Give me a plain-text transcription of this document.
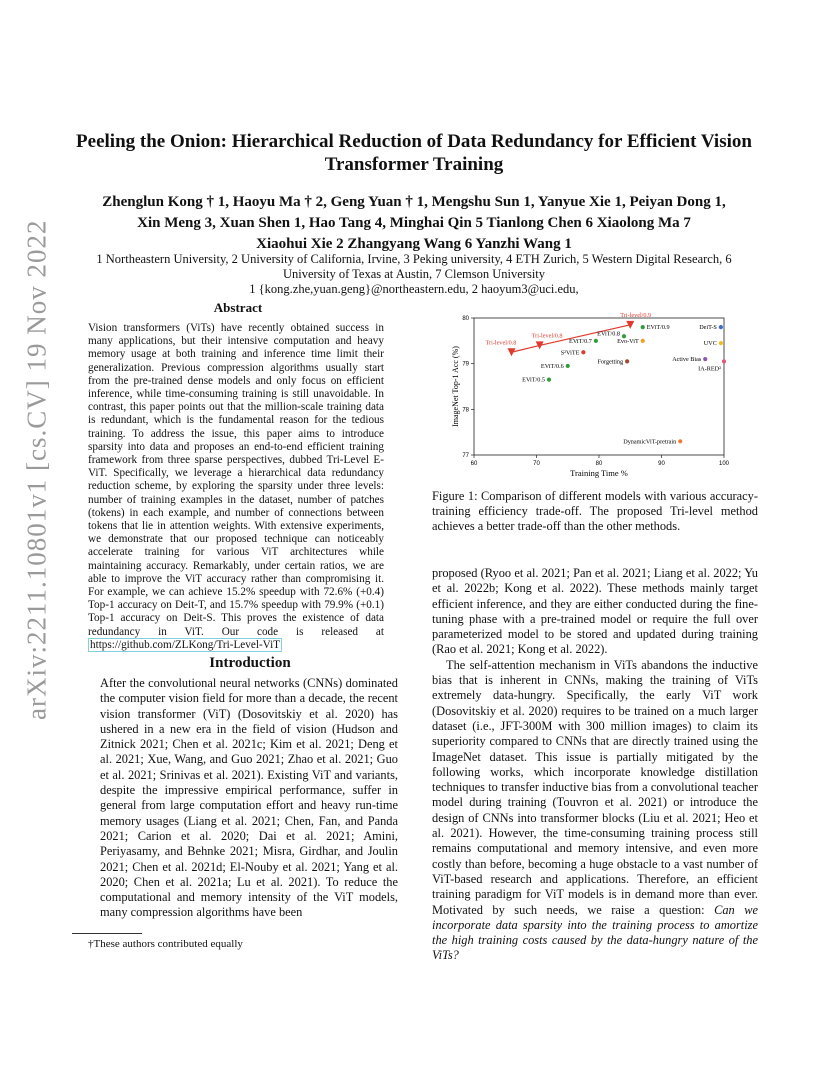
arXiv:2211.10801v1 [cs.CV] 19 Nov 2022
Peeling the Onion: Hierarchical Reduction of Data Redundancy for Efficient Vision Transformer Training
Zhenglun Kong † 1, Haoyu Ma † 2, Geng Yuan † 1, Mengshu Sun 1, Yanyue Xie 1, Peiyan Dong 1,
Xin Meng 3, Xuan Shen 1, Hao Tang 4, Minghai Qin 5 Tianlong Chen 6 Xiaolong Ma 7
Xiaohui Xie 2 Zhangyang Wang 6 Yanzhi Wang 1
1 Northeastern University, 2 University of California, Irvine, 3 Peking university, 4 ETH Zurich, 5 Western Digital Research, 6
University of Texas at Austin, 7 Clemson University
1 {kong.zhe,yuan.geng}@northeastern.edu, 2 haoyum3@uci.edu,
Abstract
Vision transformers (ViTs) have recently obtained success in many applications, but their intensive computation and heavy memory usage at both training and inference time limit their generalization. Previous compression algorithms usually start from the pre-trained dense models and only focus on efficient inference, while time-consuming training is still unavoidable. In contrast, this paper points out that the million-scale training data is redundant, which is the fundamental reason for the tedious training. To address the issue, this paper aims to introduce sparsity into data and proposes an end-to-end efficient training framework from three sparse perspectives, dubbed Tri-Level E-ViT. Specifically, we leverage a hierarchical data redundancy reduction scheme, by exploring the sparsity under three levels: number of training examples in the dataset, number of patches (tokens) in each example, and number of connections between tokens that lie in attention weights. With extensive experiments, we demonstrate that our proposed technique can noticeably accelerate training for various ViT architectures while maintaining accuracy. Remarkably, under certain ratios, we are able to improve the ViT accuracy rather than compromising it. For example, we can achieve 15.2% speedup with 72.6% (+0.4) Top-1 accuracy on Deit-T, and 15.7% speedup with 79.9% (+0.1) Top-1 accuracy on Deit-S. This proves the existence of data redundancy in ViT. Our code is released at https://github.com/ZLKong/Tri-Level-ViT
Introduction
After the convolutional neural networks (CNNs) dominated the computer vision field for more than a decade, the recent vision transformer (ViT) (Dosovitskiy et al. 2020) has ushered in a new era in the field of vision (Hudson and Zitnick 2021; Chen et al. 2021c; Kim et al. 2021; Deng et al. 2021; Xue, Wang, and Guo 2021; Zhao et al. 2021; Guo et al. 2021; Srinivas et al. 2021). Existing ViT and variants, despite the impressive empirical performance, suffer in general from large computation effort and heavy run-time memory usages (Liang et al. 2021; Chen, Fan, and Panda 2021; Carion et al. 2020; Dai et al. 2021; Amini, Periyasamy, and Behnke 2021; Misra, Girdhar, and Joulin 2021; Chen et al. 2021d; El-Nouby et al. 2021; Yang et al. 2020; Chen et al. 2021a; Lu et al. 2021). To reduce the computational and memory intensity of the ViT models, many compression algorithms have been
†These authors contributed equally
60	70	80	90	100
77
78
79
80
Training Time %
ImageNet Top-1 Acc (%)
Tri-level/0.8
Tri-level/0.8
Tri-level/0.9
EViT/0.9
EViT/0.8
EViT/0.7
EViT/0.6
EViT/0.5
DeiT-S
S²ViTE
Evo-ViT
Forgetting	Active Bias
UVC
IA-RED²
DynamicViT-pretrain
Figure 1: Comparison of different models with various accuracy-training efficiency trade-off. The proposed Tri-level method achieves a better trade-off than the other methods.

proposed (Ryoo et al. 2021; Pan et al. 2021; Liang et al. 2022; Yu et al. 2022b; Kong et al. 2022). These methods mainly target efficient inference, and they are either conducted during the fine-tuning phase with a pre-trained model or require the full over parameterized model to be stored and updated during training (Rao et al. 2021; Kong et al. 2022).

The self-attention mechanism in ViTs abandons the inductive bias that is inherent in CNNs, making the training of ViTs extremely data-hungry. Specifically, the early ViT work (Dosovitskiy et al. 2020) requires to be trained on a much larger dataset (i.e., JFT-300M with 300 million images) to claim its superiority compared to CNNs that are directly trained using the ImageNet dataset. This issue is partially mitigated by the following works, which incorporate knowledge distillation techniques to transfer inductive bias from a convolutional teacher model during training (Touvron et al. 2021) or introduce the design of CNNs into transformer blocks (Liu et al. 2021; Heo et al. 2021). However, the time-consuming training process still remains computational and memory intensive, and even more costly than before, becoming a huge obstacle to a vast number of ViT-based research and applications. Therefore, an efficient training paradigm for ViT models is in demand more than ever. Motivated by such needs, we raise a question: Can we incorporate data sparsity into the training process to amortize the high training costs caused by the data-hungry nature of the ViTs?
